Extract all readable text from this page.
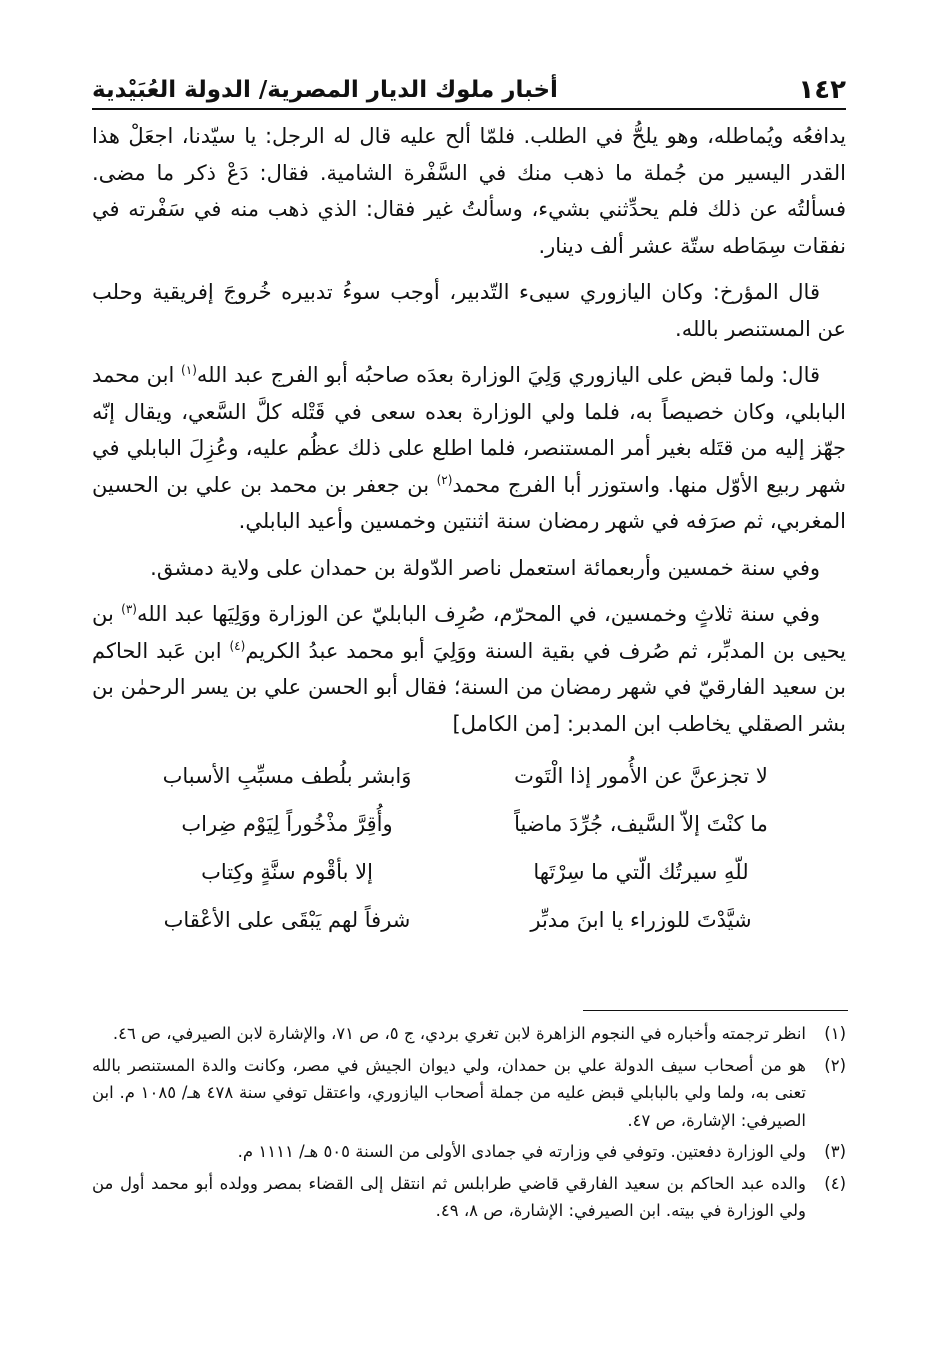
١٤٢
أخبار ملوك الديار المصرية/ الدولة العُبَيْدية

يدافعُه ويُماطله، وهو يلحُّ في الطلب. فلمّا ألح عليه قال له الرجل: يا سيّدنا، اجعَلْ هذا القدر اليسير من جُملة ما ذهب منك في السَّفْرة الشامية. فقال: دَعْ ذكر ما مضى. فسألتُه عن ذلك فلم يحدِّثني بشيء، وسألتُ غير فقال: الذي ذهب منه في سَفْرته في نفقات سِمَاطه ستّة عشر ألف دينار.

قال المؤرخ: وكان اليازوري سيىء التّدبير، أوجب سوءُ تدبيره خُروجَ إفريقية وحلب عن المستنصر بالله.

قال: ولما قبض على اليازوري وَلِيَ الوزارة بعدَه صاحبُه أبو الفرج عبد الله$^{(١)}$ ابن محمد البابلي، وكان خصيصاً به، فلما ولي الوزارة بعده سعى في قَتْله كلَّ السَّعي، ويقال إنّه جهّز إليه من قتَله بغير أمر المستنصر، فلما اطلع على ذلك عظُم عليه، وعُزِلَ البابلي في شهر ربيع الأوّل منها. واستوزر أبا الفرج محمد$^{(٢)}$ بن جعفر بن محمد بن علي بن الحسين المغربي، ثم صرَفه في شهر رمضان سنة اثنتين وخمسين وأعيد البابلي.

وفي سنة خمسين وأربعمائة استعمل ناصر الدّولة بن حمدان على ولاية دمشق.

وفي سنة ثلاثٍ وخمسين، في المحرّم، صُرِف البابليّ عن الوزارة ووَلِيَها عبد الله$^{(٣)}$ بن يحيى بن المدبِّر، ثم صُرف في بقية السنة ووَلِيَ أبو محمد عبدُ الكريم$^{(٤)}$ ابن عَبد الحاكم بن سعيد الفارقيّ في شهر رمضان من السنة؛ فقال أبو الحسن علي بن يسر الرحمٰن بن بشر الصقلي يخاطب ابن المدبر: [من الكامل]

لا تجزعنَّ عن الأُمور إذا الْتَوت
وَابشر بلُطف مسبِّبِ الأسباب
ما كنْتَ إلاّ السَّيف، جُرِّدَ ماضياً
وأُقِرَّ مذْخُوراً لِيَوْم ضِراب
للّهِ سيرتُك الّتي ما سِرْتَها
إلا بأقْوم سنَّةٍ وكِتاب
شيَّدْتَ للوزراء يا ابنَ مدبِّر
شرفاً لهم يَبْقَى على الأعْقاب
(١)
انظر ترجمته وأخباره في النجوم الزاهرة لابن تغري بردي، ج ٥، ص ٧١، والإشارة لابن الصيرفي، ص ٤٦.
(٢)
هو من أصحاب سيف الدولة علي بن حمدان، ولي ديوان الجيش في مصر، وكانت والدة المستنصر بالله تعنى به، ولما ولي بالبابلي قبض عليه من جملة أصحاب اليازوري، واعتقل توفي سنة ٤٧٨ هـ/ ١٠٨٥ م. ابن الصيرفي: الإشارة، ص ٤٧.
(٣)
ولي الوزارة دفعتين. وتوفي في وزارته في جمادى الأولى من السنة ٥٠٥ هـ/ ١١١١ م.
(٤)
والده عبد الحاكم بن سعيد الفارقي قاضي طرابلس ثم انتقل إلى القضاء بمصر وولده أبو محمد أول من ولي الوزارة في بيته. ابن الصيرفي: الإشارة، ص ٨، ٤٩.
